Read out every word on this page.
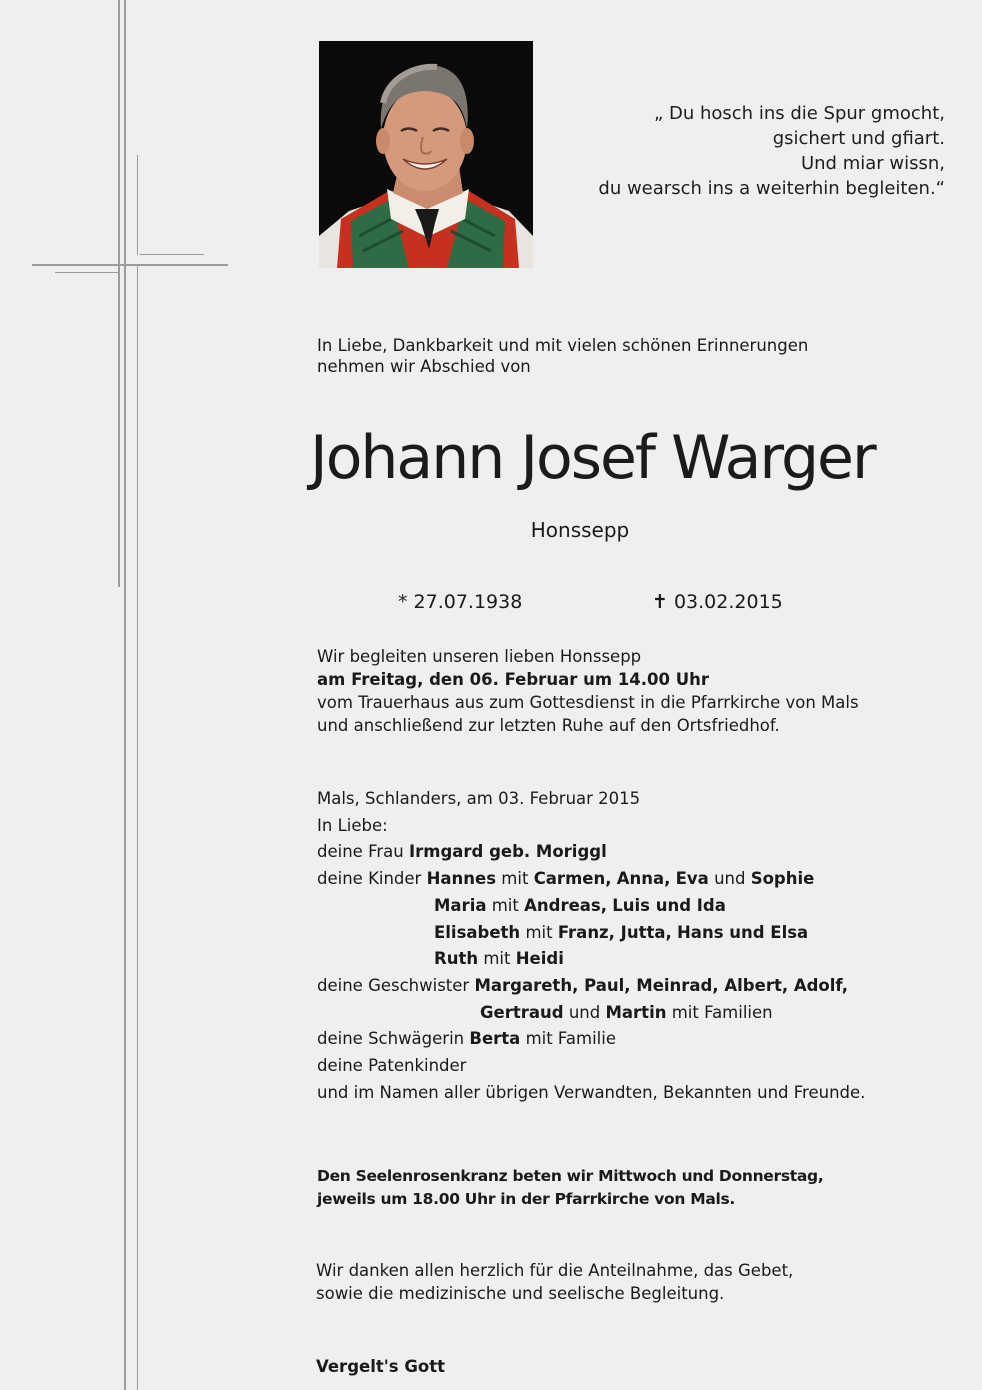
„ Du hosch ins die Spur gmocht,
gsichert und gfiart.
Und miar wissn,
du wearsch ins a weiterhin begleiten.“
In Liebe, Dankbarkeit und mit vielen schönen Erinnerungen
nehmen wir Abschied von
Johann Josef Warger
Honssepp
* 27.07.1938	✝ 03.02.2015
Wir begleiten unseren lieben Honssepp
am Freitag, den 06. Februar um 14.00 Uhr
vom Trauerhaus aus zum Gottesdienst in die Pfarrkirche von Mals
und anschließend zur letzten Ruhe auf den Ortsfriedhof.
Mals, Schlanders, am 03. Februar 2015
In Liebe:
deine Frau Irmgard geb. Moriggl
deine Kinder Hannes mit Carmen, Anna, Eva und Sophie
Maria mit Andreas, Luis und Ida
Elisabeth mit Franz, Jutta, Hans und Elsa
Ruth mit Heidi
deine Geschwister Margareth, Paul, Meinrad, Albert, Adolf,
Gertraud und Martin mit Familien
deine Schwägerin Berta mit Familie
deine Patenkinder
und im Namen aller übrigen Verwandten, Bekannten und Freunde.
Den Seelenrosenkranz beten wir Mittwoch und Donnerstag,
jeweils um 18.00 Uhr in der Pfarrkirche von Mals.
Wir danken allen herzlich für die Anteilnahme, das Gebet,
sowie die medizinische und seelische Begleitung.
Vergelt's Gott
